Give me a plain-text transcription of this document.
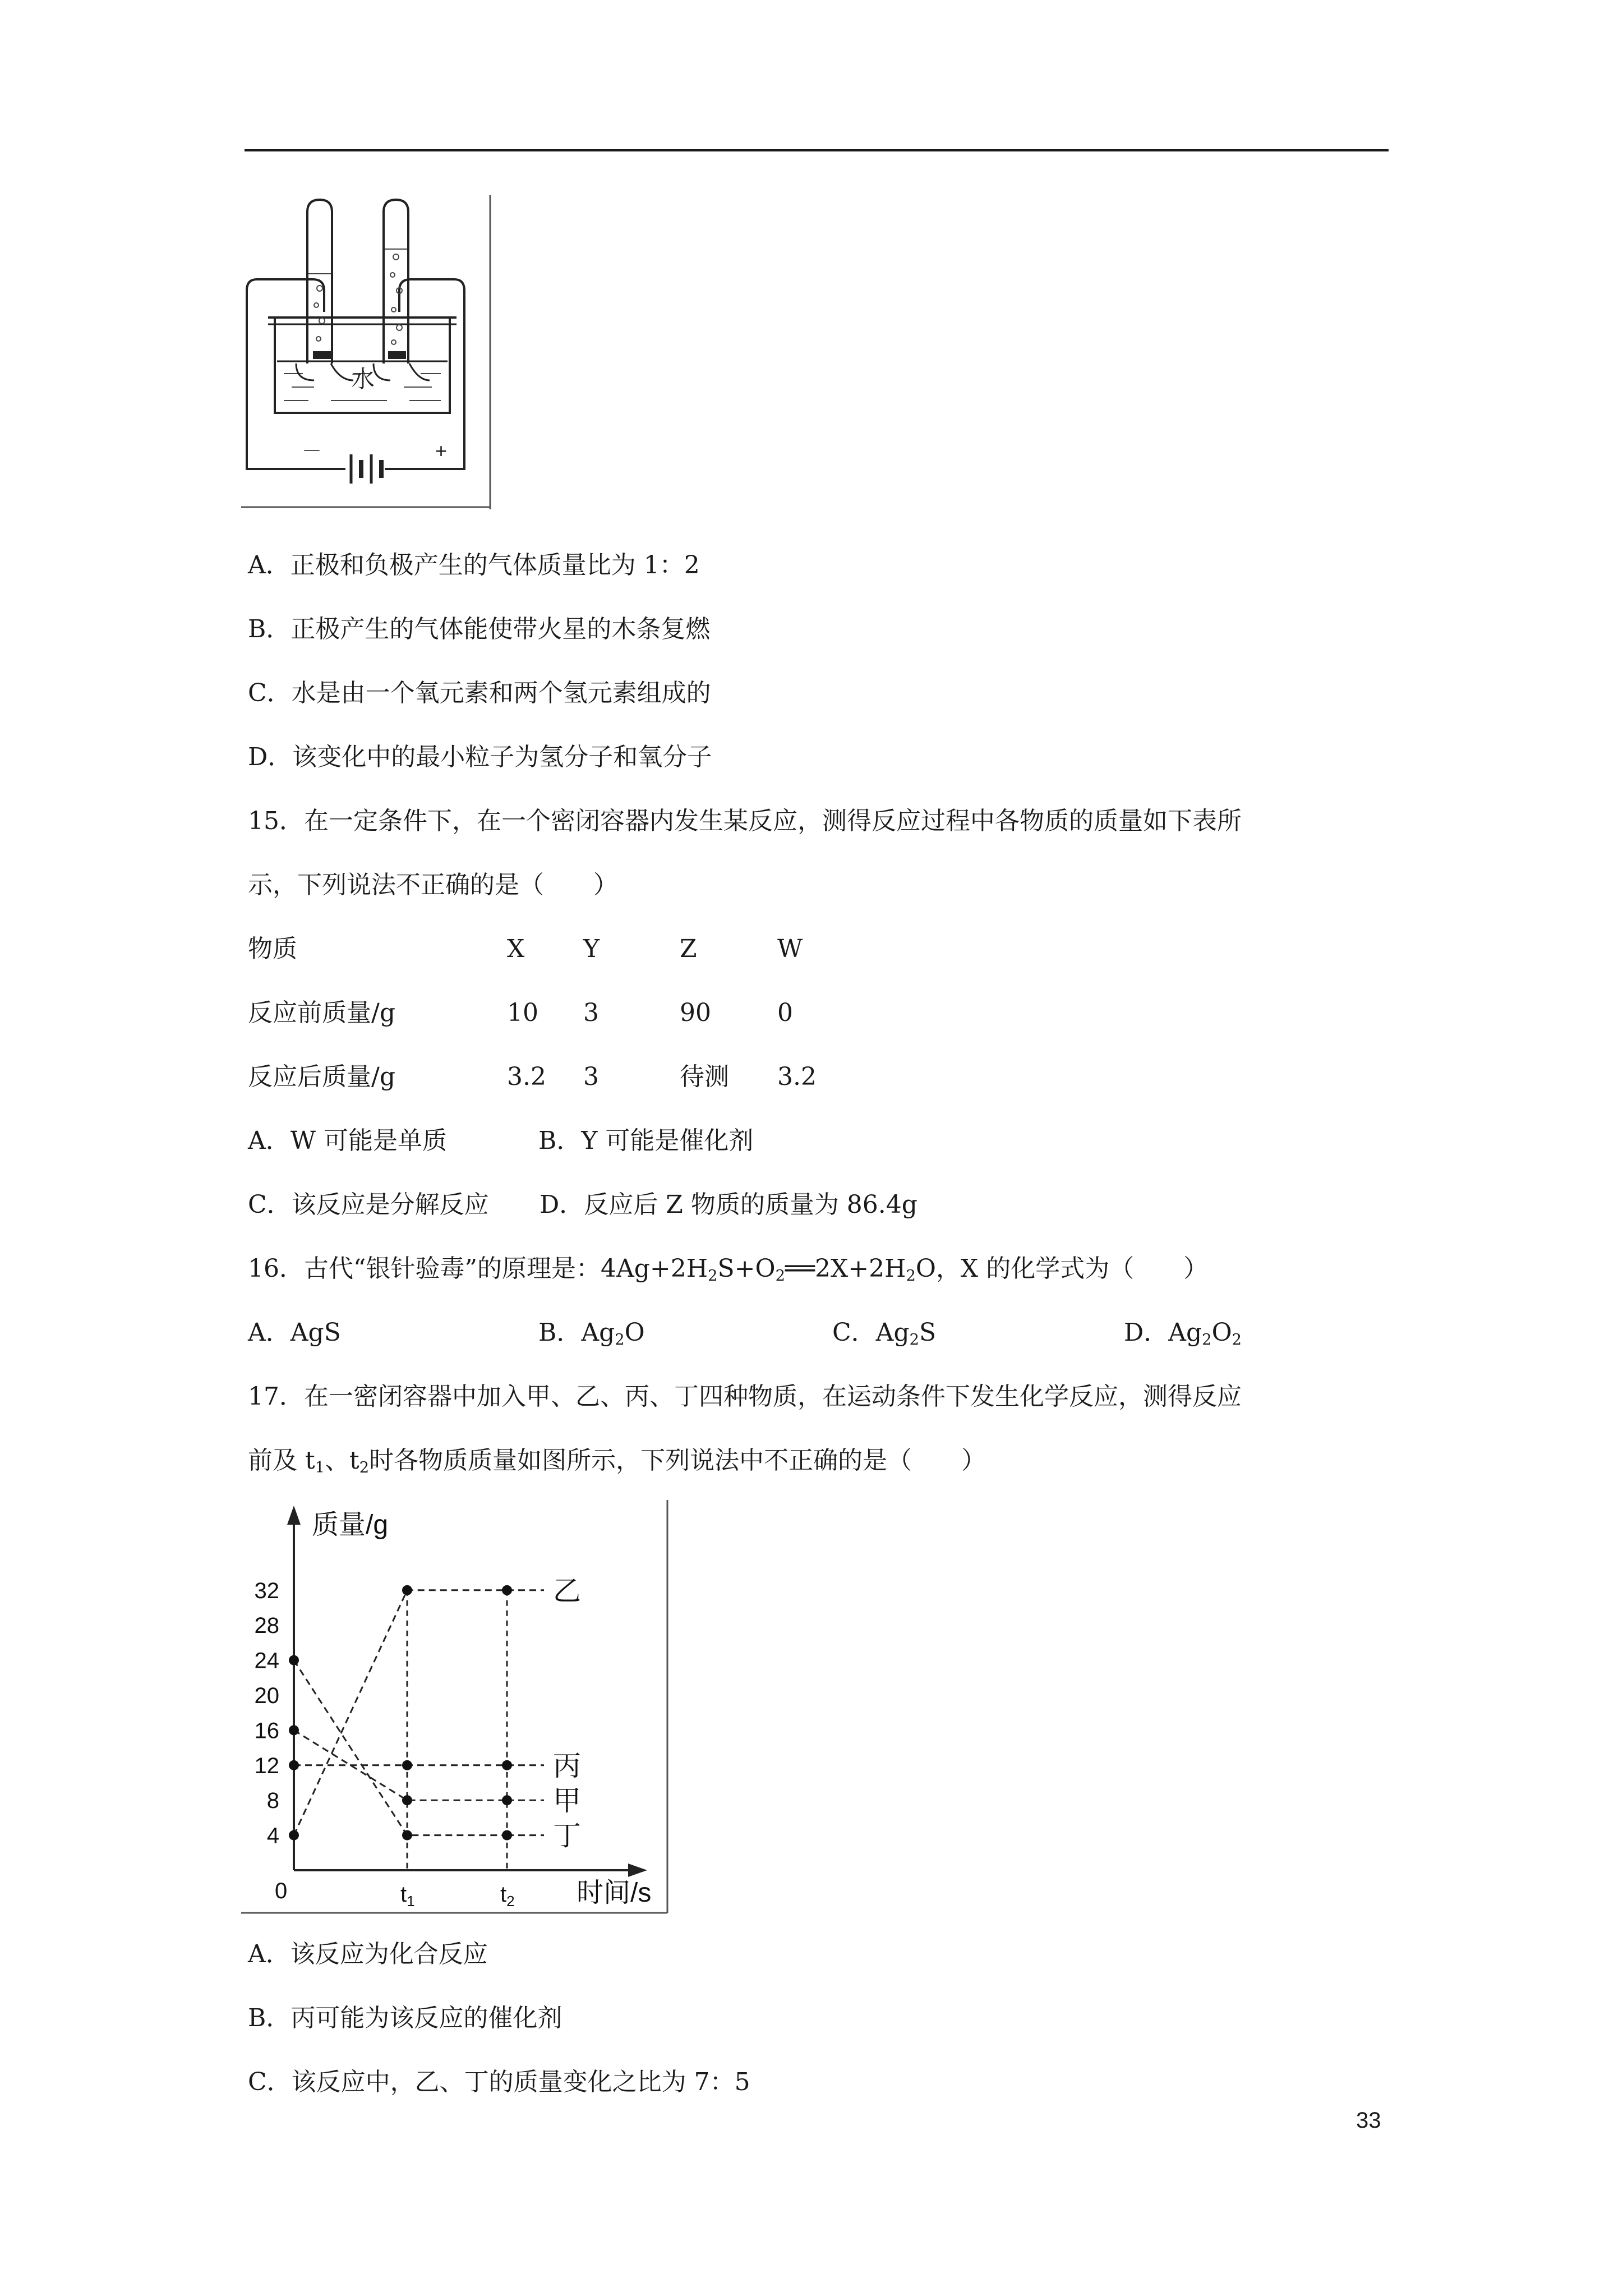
－	+
水
A．正极和负极产生的气体质量比为 1：2
B．正极产生的气体能使带火星的木条复燃
C．水是由一个氧元素和两个氢元素组成的
D．该变化中的最小粒子为氢分子和氧分子
15．在一定条件下，在一个密闭容器内发生某反应，测得反应过程中各物质的质量如下表所
示，下列说法不正确的是（　　）
物质	X Y	Z	W
反应前质量/g	10 3	90	0
反应后质量/g	3.2 3	待测 3.2
A．W 可能是单质	B．Y 可能是催化剂
C．该反应是分解反应 D．反应后 Z 物质的质量为 86.4g
16．古代“银针验毒”的原理是：$4Ag+2H_2S+O_2══2X+2H_2O$，X 的化学式为（　　）
A．AgS	B．$Ag_2O$	C．$Ag_2S$	D．$Ag_2O_2$
17．在一密闭容器中加入甲、乙、丙、丁四种物质，在运动条件下发生化学反应，测得反应
前及 $t_1$、$t_2$时各物质质量如图所示，下列说法中不正确的是（　　）
质量/g
时间/s
0
4
8
12
16
20
24
28
32
$t_1$	$t_2$
乙
丙
甲
丁
A．该反应为化合反应
B．丙可能为该反应的催化剂
C．该反应中，乙、丁的质量变化之比为 7：5
33
